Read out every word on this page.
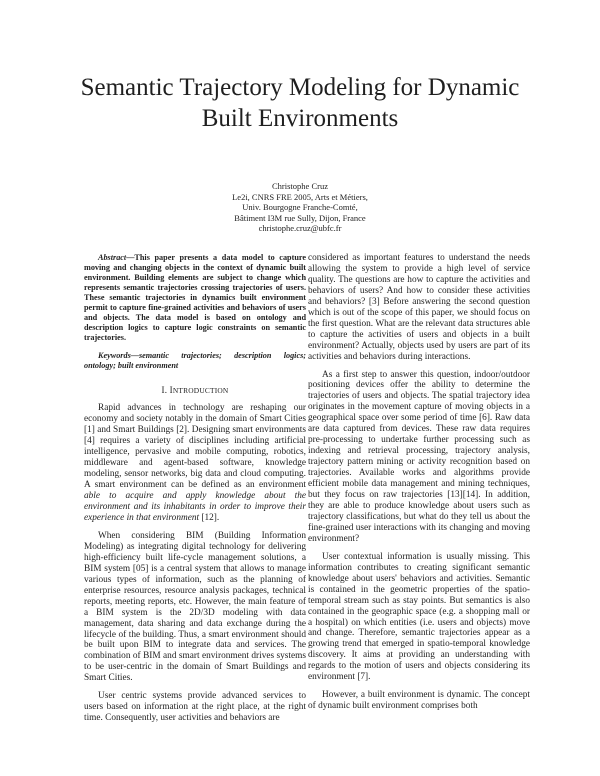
Semantic Trajectory Modeling for Dynamic Built Environments
Christophe Cruz
Le2i, CNRS FRE 2005, Arts et Métiers,
Univ. Bourgogne Franche-Comté,
Bâtiment I3M rue Sully, Dijon, France
christophe.cruz@ubfc.fr

Abstract—This paper presents a data model to capture moving and changing objects in the context of dynamic built environment. Building elements are subject to change which represents semantic trajectories crossing trajectories of users. These semantic trajectories in dynamics built environment permit to capture fine-grained activities and behaviors of users and objects. The data model is based on ontology and description logics to capture logic constraints on semantic trajectories.

Keywords—semantic trajectories; description logics; ontology; built environment

I. INTRODUCTION

Rapid advances in technology are reshaping our economy and society notably in the domain of Smart Cities [1] and Smart Buildings [2]. Designing smart environments [4] requires a variety of disciplines including artificial intelligence, pervasive and mobile computing, robotics, middleware and agent-based software, knowledge modeling, sensor networks, big data and cloud computing. A smart environment can be defined as an environment able to acquire and apply knowledge about the environment and its inhabitants in order to improve their experience in that environment [12].

When considering BIM (Building Information Modeling) as integrating digital technology for delivering high-efficiency built life-cycle management solutions, a BIM system [05] is a central system that allows to manage various types of information, such as the planning of enterprise resources, resource analysis packages, technical reports, meeting reports, etc. However, the main feature of a BIM system is the 2D/3D modeling with data management, data sharing and data exchange during the lifecycle of the building. Thus, a smart environment should be built upon BIM to integrate data and services. The combination of BIM and smart environment drives systems to be user-centric in the domain of Smart Buildings and Smart Cities.

User centric systems provide advanced services to users based on information at the right place, at the right time. Consequently, user activities and behaviors are

considered as important features to understand the needs allowing the system to provide a high level of service quality. The questions are how to capture the activities and behaviors of users? And how to consider these activities and behaviors? [3] Before answering the second question which is out of the scope of this paper, we should focus on the first question. What are the relevant data structures able to capture the activities of users and objects in a built environment? Actually, objects used by users are part of its activities and behaviors during interactions.

As a first step to answer this question, indoor/outdoor positioning devices offer the ability to determine the trajectories of users and objects. The spatial trajectory idea originates in the movement capture of moving objects in a geographical space over some period of time [6]. Raw data are data captured from devices. These raw data requires pre-processing to undertake further processing such as indexing and retrieval processing, trajectory analysis, trajectory pattern mining or activity recognition based on trajectories. Available works and algorithms provide efficient mobile data management and mining techniques, but they focus on raw trajectories [13][14]. In addition, they are able to produce knowledge about users such as trajectory classifications, but what do they tell us about the fine-grained user interactions with its changing and moving environment?

User contextual information is usually missing. This information contributes to creating significant semantic knowledge about users' behaviors and activities. Semantic is contained in the geometric properties of the spatio-temporal stream such as stay points. But semantics is also contained in the geographic space (e.g. a shopping mall or a hospital) on which entities (i.e. users and objects) move and change. Therefore, semantic trajectories appear as a growing trend that emerged in spatio-temporal knowledge discovery. It aims at providing an understanding with regards to the motion of users and objects considering its environment [7].

However, a built environment is dynamic. The concept of dynamic built environment comprises both
